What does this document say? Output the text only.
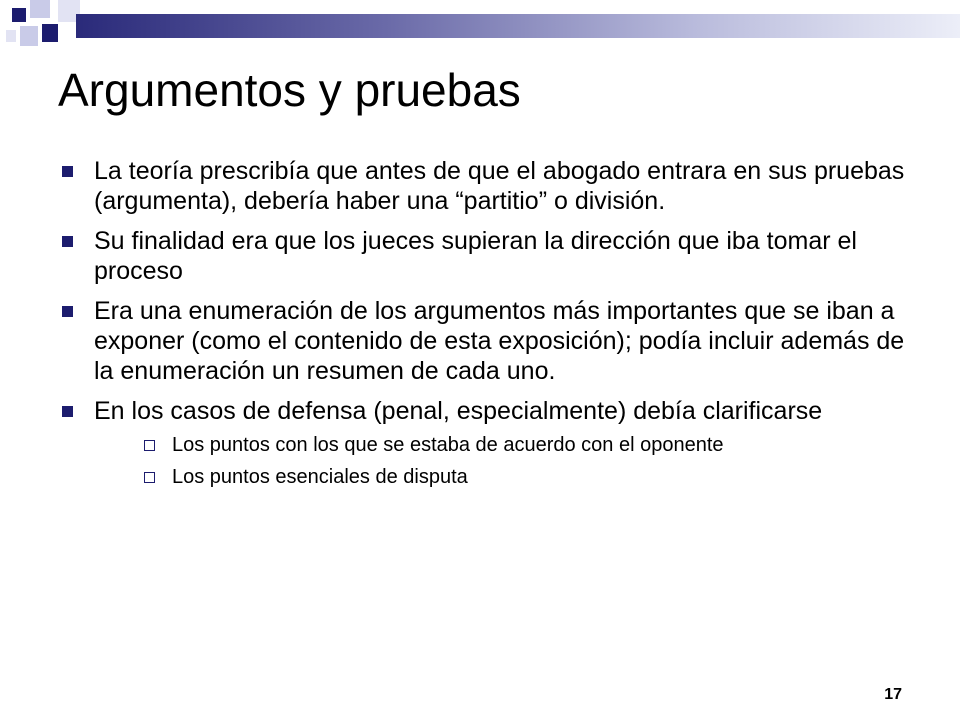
Argumentos y pruebas
La teoría prescribía que antes de que el abogado entrara en sus pruebas (argumenta), debería haber una “partitio” o división.
Su finalidad era que los jueces supieran la dirección que iba tomar el proceso
Era una enumeración de los argumentos más importantes que se iban a exponer (como el contenido de esta exposición); podía incluir además de la enumeración un resumen de cada uno.
En los casos de defensa (penal, especialmente) debía clarificarse
Los puntos con los que se estaba de acuerdo con el oponente
Los puntos esenciales de disputa
17
